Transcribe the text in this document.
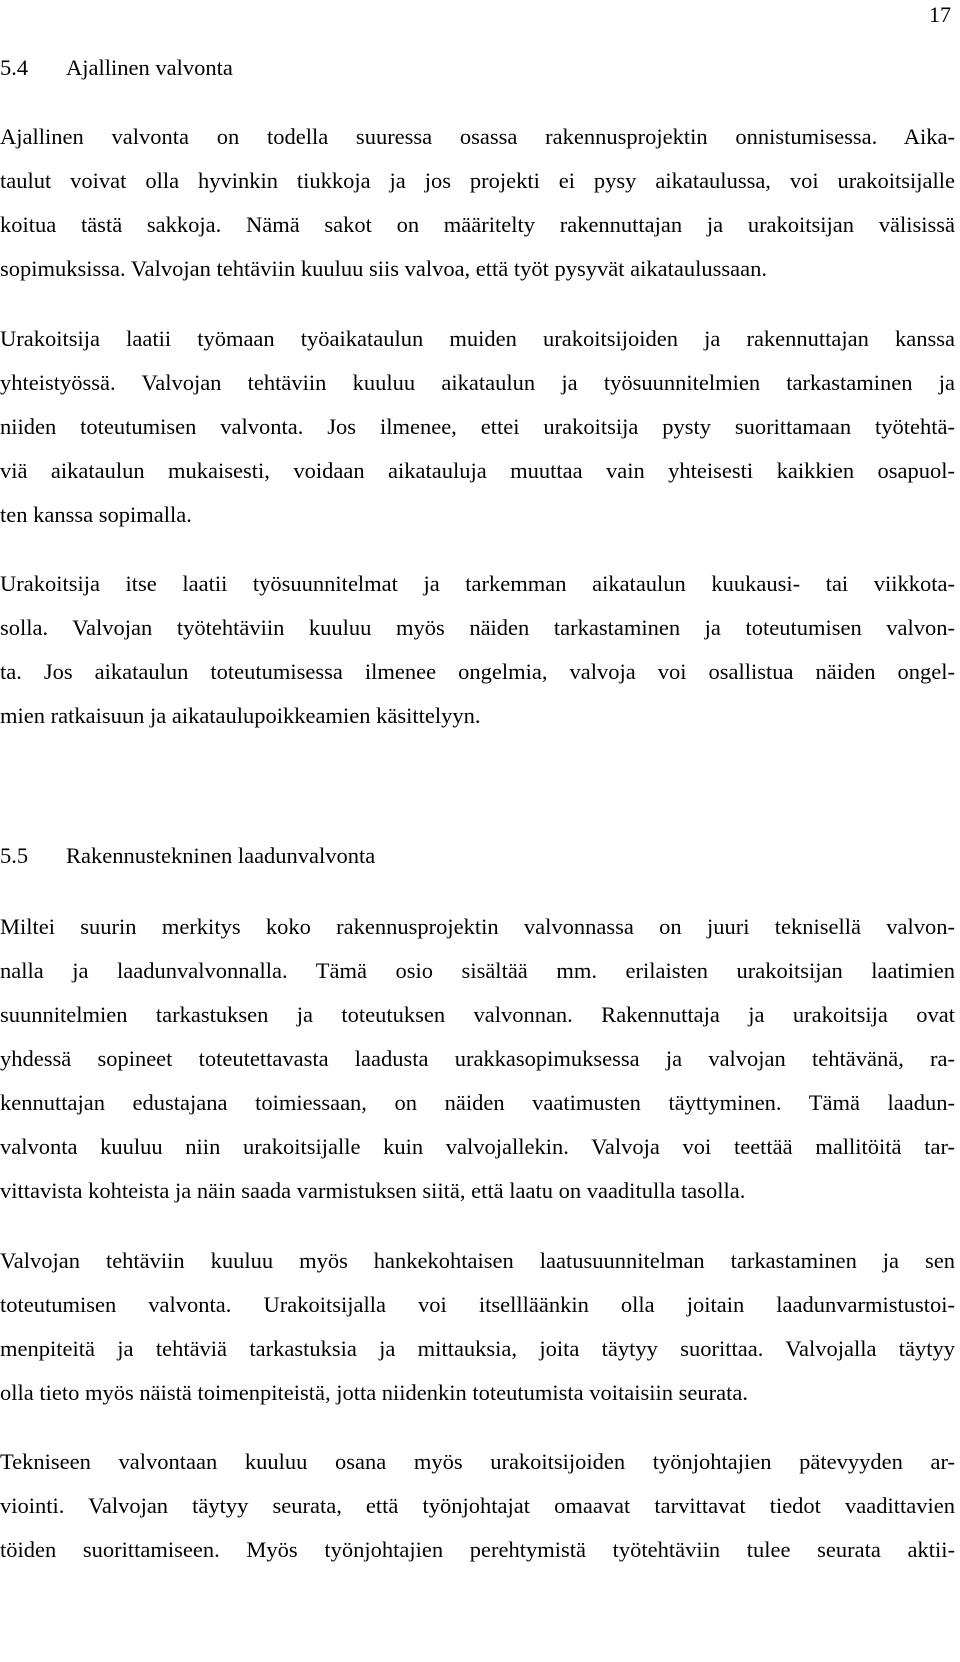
17
5.4 Ajallinen valvonta
Ajallinen valvonta on todella suuressa osassa rakennusprojektin onnistumisessa. Aika-
taulut voivat olla hyvinkin tiukkoja ja jos projekti ei pysy aikataulussa, voi urakoitsijalle
koitua tästä sakkoja. Nämä sakot on määritelty rakennuttajan ja urakoitsijan välisissä
sopimuksissa. Valvojan tehtäviin kuuluu siis valvoa, että työt pysyvät aikataulussaan.
Urakoitsija laatii työmaan työaikataulun muiden urakoitsijoiden ja rakennuttajan kanssa
yhteistyössä. Valvojan tehtäviin kuuluu aikataulun ja työsuunnitelmien tarkastaminen ja
niiden toteutumisen valvonta. Jos ilmenee, ettei urakoitsija pysty suorittamaan työtehtä-
viä aikataulun mukaisesti, voidaan aikatauluja muuttaa vain yhteisesti kaikkien osapuol-
ten kanssa sopimalla.
Urakoitsija itse laatii työsuunnitelmat ja tarkemman aikataulun kuukausi- tai viikkota-
solla. Valvojan työtehtäviin kuuluu myös näiden tarkastaminen ja toteutumisen valvon-
ta. Jos aikataulun toteutumisessa ilmenee ongelmia, valvoja voi osallistua näiden ongel-
mien ratkaisuun ja aikataulupoikkeamien käsittelyyn.
5.5 Rakennustekninen laadunvalvonta
Miltei suurin merkitys koko rakennusprojektin valvonnassa on juuri teknisellä valvon-
nalla ja laadunvalvonnalla. Tämä osio sisältää mm. erilaisten urakoitsijan laatimien
suunnitelmien tarkastuksen ja toteutuksen valvonnan. Rakennuttaja ja urakoitsija ovat
yhdessä sopineet toteutettavasta laadusta urakkasopimuksessa ja valvojan tehtävänä, ra-
kennuttajan edustajana toimiessaan, on näiden vaatimusten täyttyminen. Tämä laadun-
valvonta kuuluu niin urakoitsijalle kuin valvojallekin. Valvoja voi teettää mallitöitä tar-
vittavista kohteista ja näin saada varmistuksen siitä, että laatu on vaaditulla tasolla.
Valvojan tehtäviin kuuluu myös hankekohtaisen laatusuunnitelman tarkastaminen ja sen
toteutumisen valvonta. Urakoitsijalla voi itsellläänkin olla joitain laadunvarmistustoi-
menpiteitä ja tehtäviä tarkastuksia ja mittauksia, joita täytyy suorittaa. Valvojalla täytyy
olla tieto myös näistä toimenpiteistä, jotta niidenkin toteutumista voitaisiin seurata.
Tekniseen valvontaan kuuluu osana myös urakoitsijoiden työnjohtajien pätevyyden ar-
viointi. Valvojan täytyy seurata, että työnjohtajat omaavat tarvittavat tiedot vaadittavien
töiden suorittamiseen. Myös työnjohtajien perehtymistä työtehtäviin tulee seurata aktii-
